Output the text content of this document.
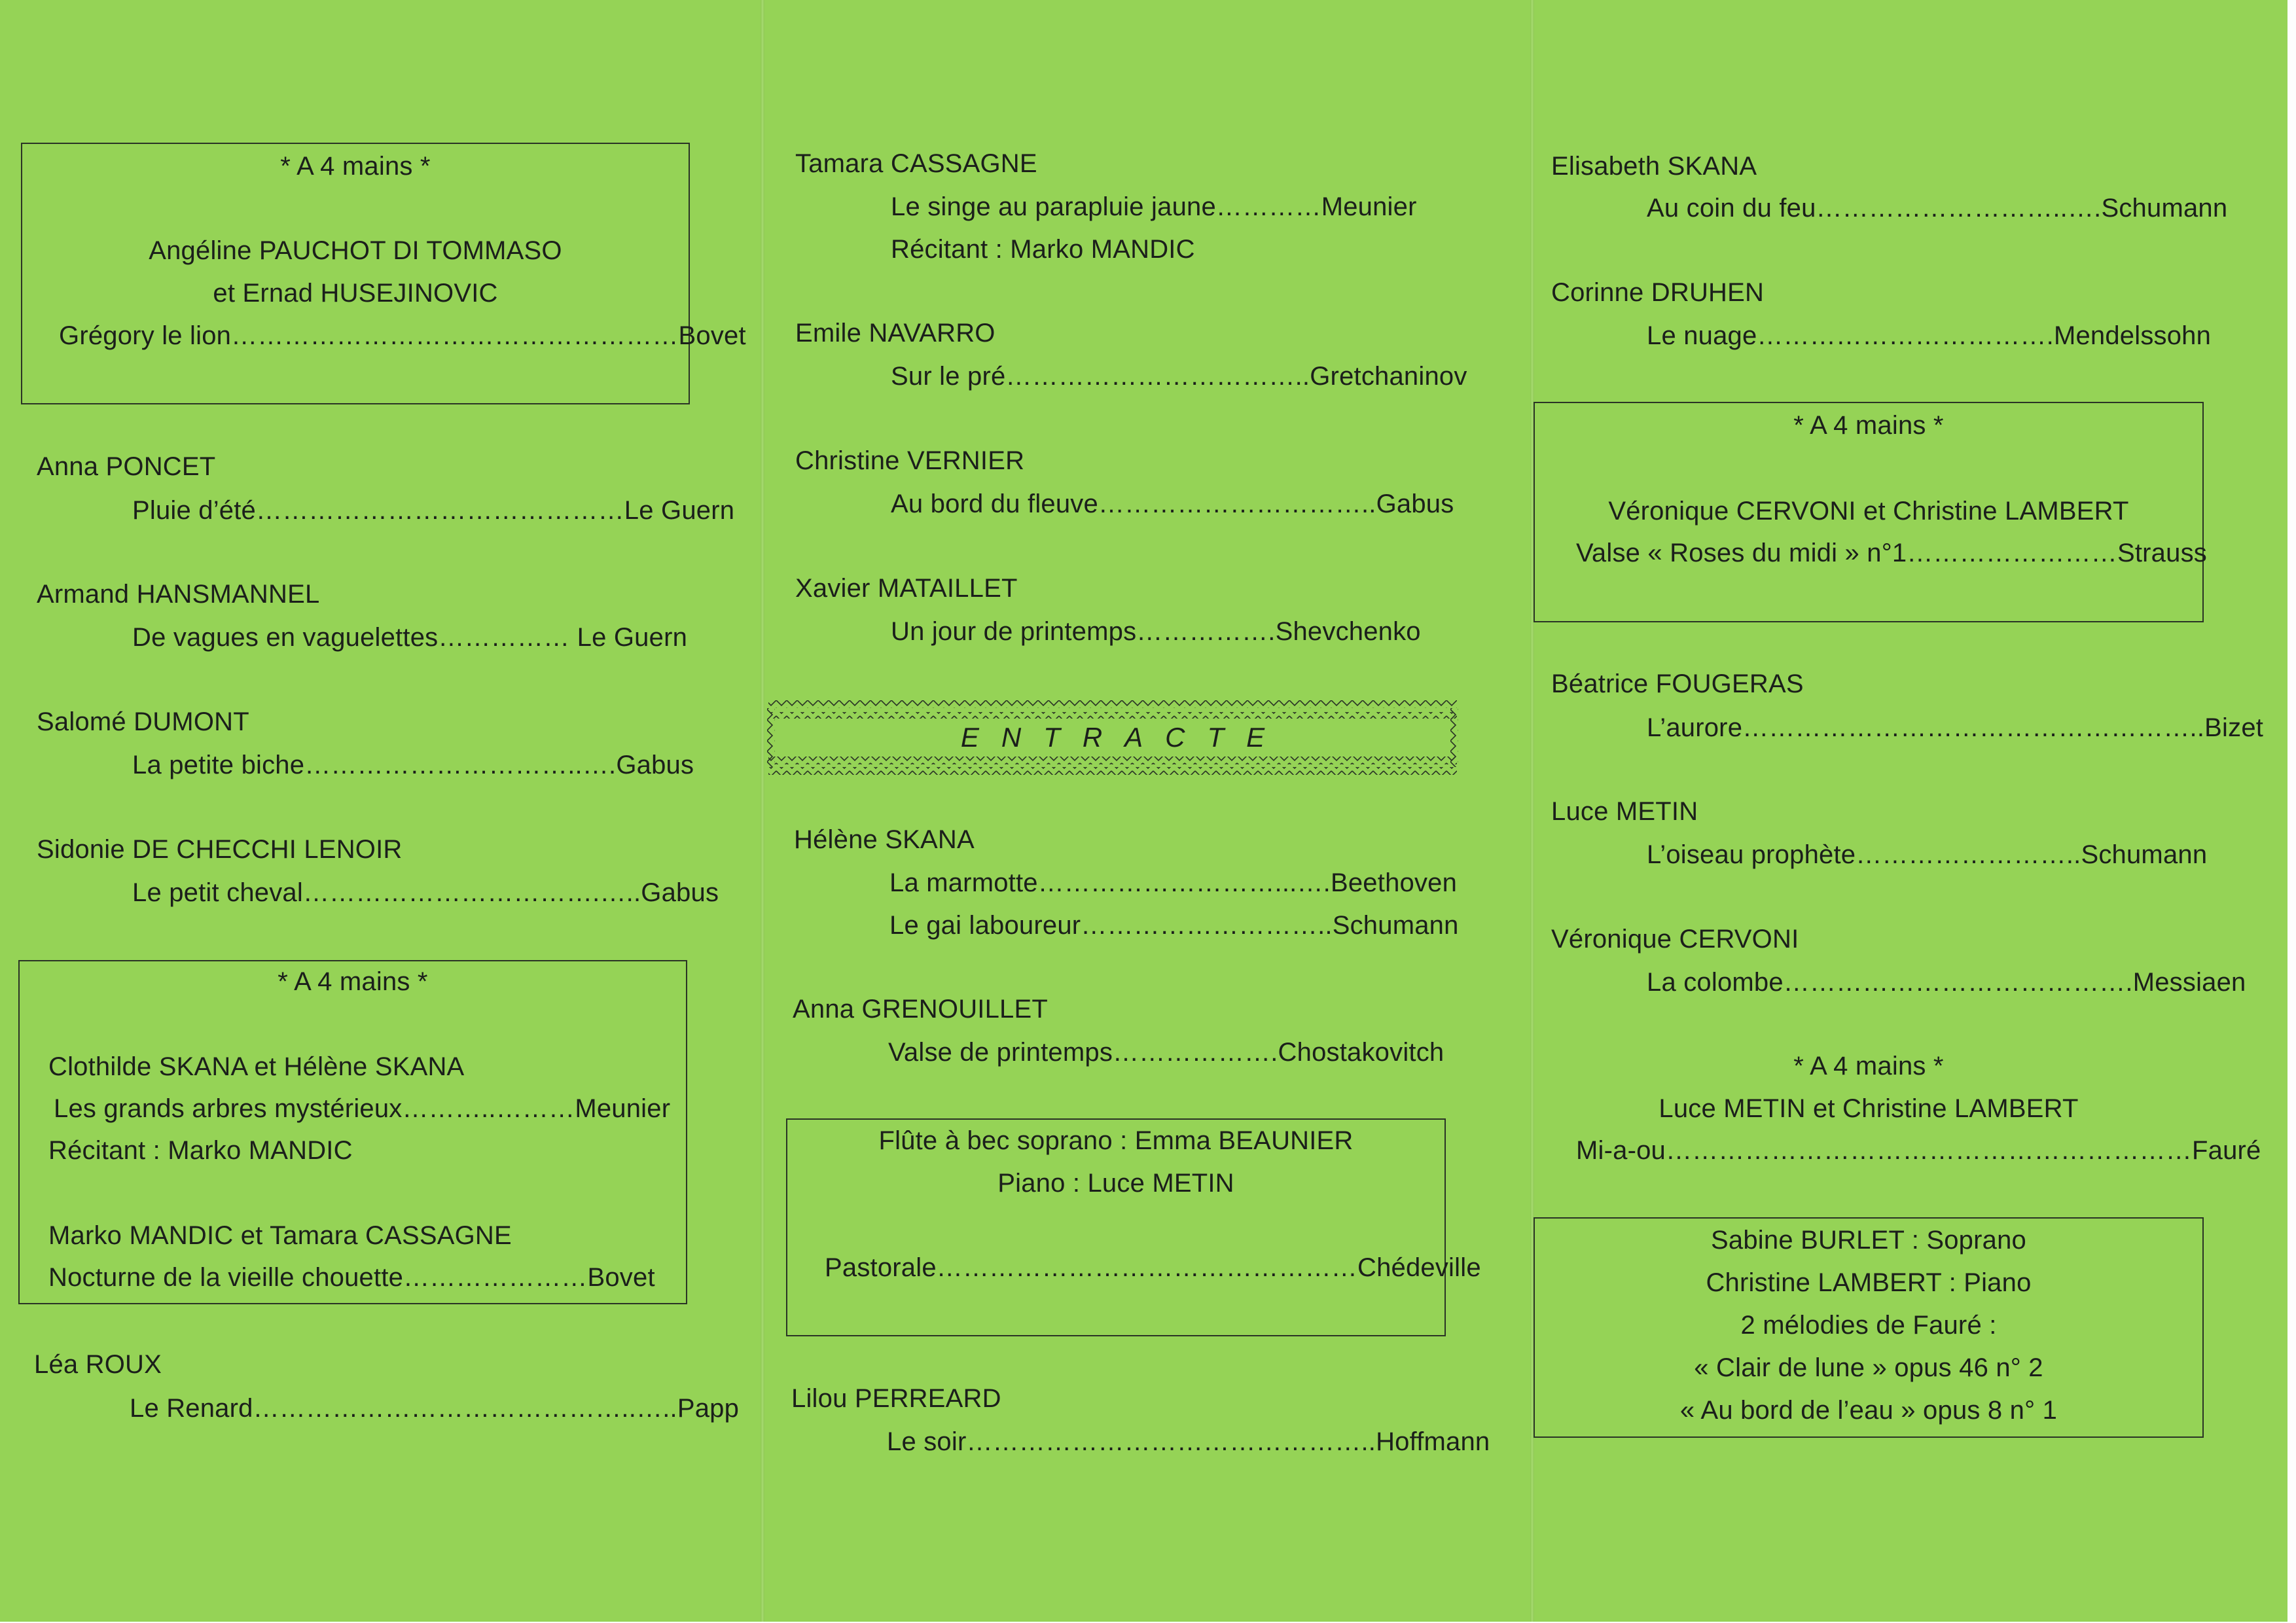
* A 4 mains *
Angéline PAUCHOT DI TOMMASO
et Ernad HUSEJINOVIC
Grégory le lion……………………………………………Bovet
Anna PONCET
Pluie d’été……………………………………Le Guern
Armand HANSMANNEL
De vagues en vaguelettes…………… Le Guern
Salomé DUMONT
La petite biche…………………………..….Gabus
Sidonie DE CHECCHI LENOIR
Le petit cheval…………………………….…..Gabus
* A 4 mains *
Clothilde SKANA et Hélène SKANA
Les grands arbres mystérieux………..………Meunier
Récitant : Marko MANDIC
Marko MANDIC et Tamara CASSAGNE
Nocturne de la vieille chouette…………………Bovet
Léa ROUX
Le Renard……………………………………..…..Papp
Tamara CASSAGNE
Le singe au parapluie jaune…………Meunier
Récitant : Marko MANDIC
Emile NAVARRO
Sur le pré……………………………..Gretchaninov
Christine VERNIER
Au bord du fleuve…………………………..Gabus
Xavier MATAILLET
Un jour de printemps…………….Shevchenko
ENTRACTE
Hélène SKANA
La marmotte………………………...….Beethoven
Le gai laboureur………………………..Schumann
Anna GRENOUILLET
Valse de printemps……………….Chostakovitch
Flûte à bec soprano : Emma BEAUNIER
Piano : Luce METIN
Pastorale…………………………………………Chédeville
Lilou PERREARD
Le soir………………………………………..Hoffmann
Elisabeth SKANA
Au coin du feu………………………..….Schumann
Corinne DRUHEN
Le nuage…………………………….Mendelssohn
* A 4 mains *
Véronique CERVONI et Christine LAMBERT
Valse « Roses du midi » n°1……………………Strauss
Béatrice FOUGERAS
L’aurore……………………………………………..Bizet
Luce METIN
L’oiseau prophète……………………..Schumann
Véronique CERVONI
La colombe………………………………….Messiaen
* A 4 mains *
Luce METIN et Christine LAMBERT
Mi-a-ou……………………………………………………Fauré
Sabine BURLET : Soprano
Christine LAMBERT : Piano
2 mélodies de Fauré :
« Clair de lune » opus 46 n° 2
« Au bord de l’eau » opus 8 n° 1
